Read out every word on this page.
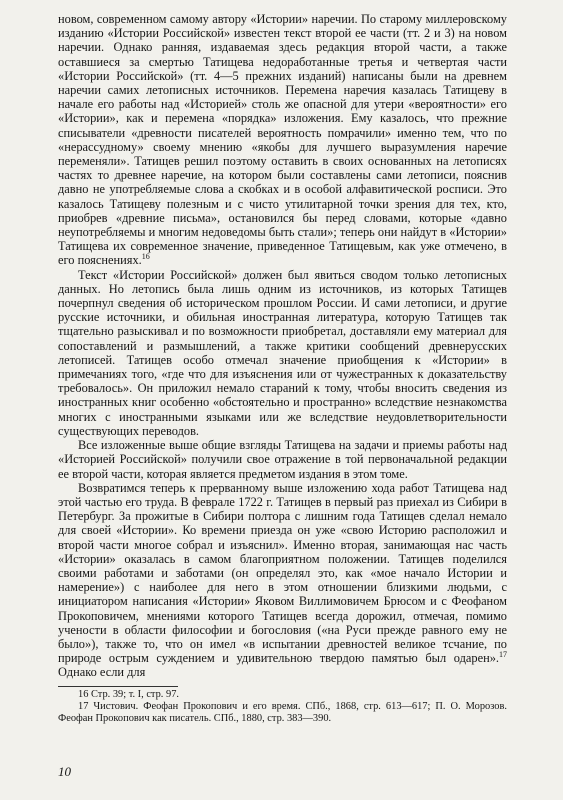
новом, современном самому автору «Истории» наречии. По старому миллеровскому изданию «Истории Российской» известен текст второй ее части (тт. 2 и 3) на новом наречии. Однако ранняя, издаваемая здесь редакция второй части, а также оставшиеся за смертью Татищева недоработанные третья и четвертая части «Истории Российской» (тт. 4—5 прежних изданий) написаны были на древнем наречии самих летописных источников. Перемена наречия казалась Татищеву в начале его работы над «Историей» столь же опасной для утери «вероятности» его «Истории», как и перемена «порядка» изложения. Ему казалось, что прежние списыватели «древности писателей вероятность помрачили» именно тем, что по «нерассудному» своему мнению «якобы для лучшего выразумления наречие переменяли». Татищев решил поэтому оставить в своих основанных на летописях частях то древнее наречие, на котором были составлены сами летописи, пояснив давно не употребляемые слова а скобках и в особой алфавитической росписи. Это казалось Татищеву полезным и с чисто утилитарной точки зрения для тех, кто, приобрев «древние письма», остановился бы перед словами, которые «давно неупотребляемы и многим недоведомы быть стали»; теперь они найдут в «Истории» Татищева их современное значение, приведенное Татищевым, как уже отмечено, в его пояснениях.$^{16}$

Текст «Истории Российской» должен был явиться сводом только летописных данных. Но летопись была лишь одним из источников, из которых Татищев почерпнул сведения об историческом прошлом России. И сами летописи, и другие русские источники, и обильная иностранная литература, которую Татищев так тщательно разыскивал и по возможности приобретал, доставляли ему материал для сопоставлений и размышлений, а также критики сообщений древнерусских летописей. Татищев особо отмечал значение приобщения к «Истории» в примечаниях того, «где что для изъяснения или от чужестранных к доказательству требовалось». Он приложил немало стараний к тому, чтобы вносить сведения из иностранных книг особенно «обстоятельно и пространно» вследствие незнакомства многих с иностранными языками или же вследствие неудовлетворительности существующих переводов.

Все изложенные выше общие взгляды Татищева на задачи и приемы работы над «Историей Российской» получили свое отражение в той первоначальной редакции ее второй части, которая является предметом издания в этом томе.

Возвратимся теперь к прерванному выше изложению хода работ Татищева над этой частью его труда. В феврале 1722 г. Татищев в первый раз приехал из Сибири в Петербург. За прожитые в Сибири полтора с лишним года Татищев сделал немало для своей «Истории». Ко времени приезда он уже «свою Историю расположил и второй части многое собрал и изъяснил». Именно вторая, занимающая нас часть «Истории» оказалась в самом благоприятном положении. Татищев поделился своими работами и заботами (он определял это, как «мое начало Истории и намерение») с наиболее для него в этом отношении близкими людьми, с инициатором написания «Истории» Яковом Виллимовичем Брюсом и с Феофаном Прокоповичем, мнениями которого Татищев всегда дорожил, отмечая, помимо учености в области философии и богословия («на Руси прежде равного ему не было»), также то, что он имел «в испытании древностей великое тсчание, по природе острым суждением и удивительною твердою памятью был одарен».$^{17}$ Однако если для

16 Стр. 39; т. I, стр. 97.

17 Чистович. Феофан Прокопович и его время. СПб., 1868, стр. 613—617; П. О. Морозов. Феофан Прокопович как писатель. СПб., 1880, стр. 383—390.

10
